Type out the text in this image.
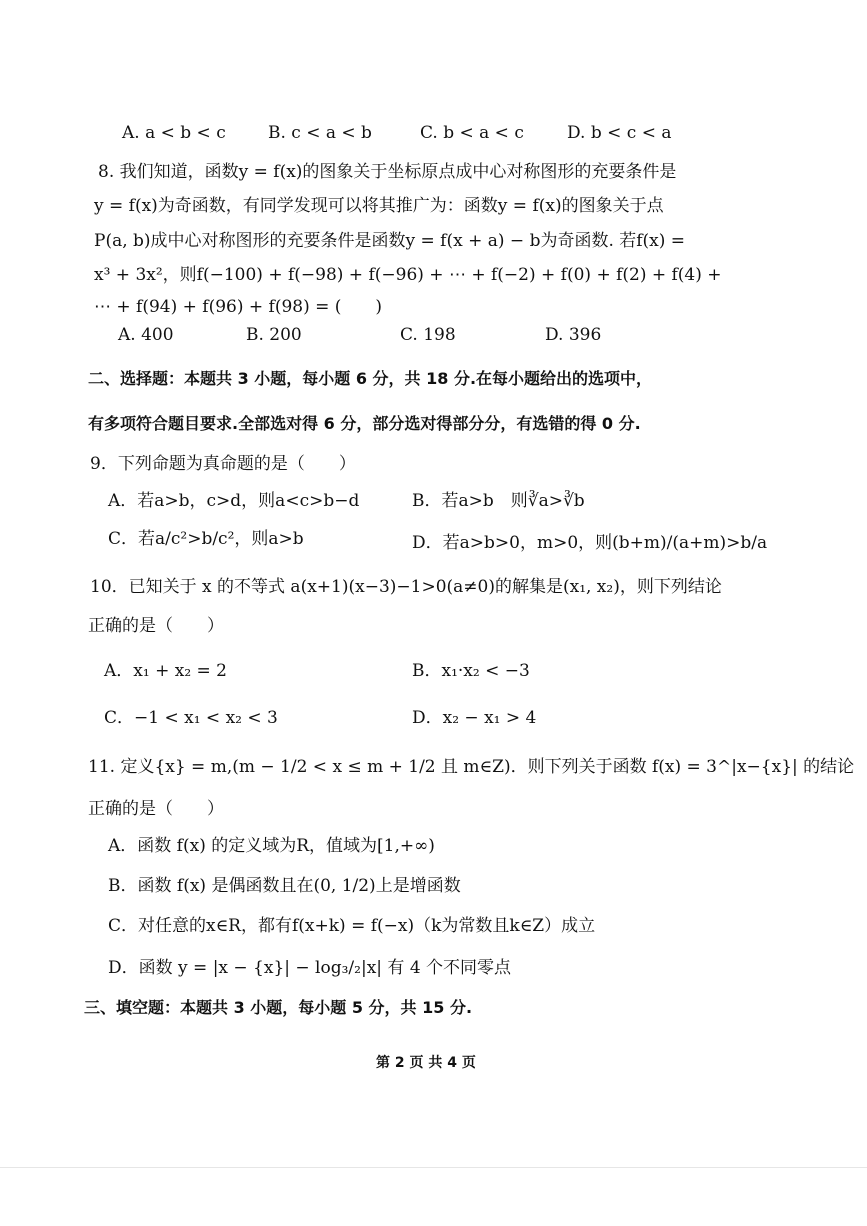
A. a < b < c B. c < a < b	C. b < a < c	D. b < c < a
8. 我们知道，函数y = f(x)的图象关于坐标原点成中心对称图形的充要条件是
y = f(x)为奇函数，有同学发现可以将其推广为：函数y = f(x)的图象关于点
P(a, b)成中心对称图形的充要条件是函数y = f(x + a) − b为奇函数. 若f(x) =
x³ + 3x²，则f(−100) + f(−98) + f(−96) + ⋯ + f(−2) + f(0) + f(2) + f(4) +
⋯ + f(94) + f(96) + f(98) = (　　)
A. 400	B. 200	C. 198	D. 396
二、选择题：本题共 3 小题，每小题 6 分，共 18 分.在每小题给出的选项中，
有多项符合题目要求.全部选对得 6 分，部分选对得部分分，有选错的得 0 分.
9．下列命题为真命题的是（　　）
A．若a>b，c>d，则a<c>b−d	B．若a>b　则∛a>∛b
C．若a/c²>b/c²，则a>b	D．若a>b>0，m>0，则(b+m)/(a+m)>b/a
10．已知关于 x 的不等式 a(x+1)(x−3)−1>0(a≠0)的解集是(x₁, x₂)，则下列结论
正确的是（　　）
A．x₁ + x₂ = 2	B．x₁·x₂ < −3
C．−1 < x₁ < x₂ < 3	D．x₂ − x₁ > 4
11. 定义{x} = m,(m − 1/2 < x ≤ m + 1/2 且 m∈Z)．则下列关于函数 f(x) = 3^|x−{x}| 的结论
正确的是（　　）
A．函数 f(x) 的定义域为R，值域为[1,+∞)
B．函数 f(x) 是偶函数且在(0, 1/2)上是增函数
C．对任意的x∈R，都有f(x+k) = f(−x)（k为常数且k∈Z）成立
D．函数 y = |x − {x}| − log₃/₂|x| 有 4 个不同零点
三、填空题：本题共 3 小题，每小题 5 分，共 15 分.
第 2 页 共 4 页
